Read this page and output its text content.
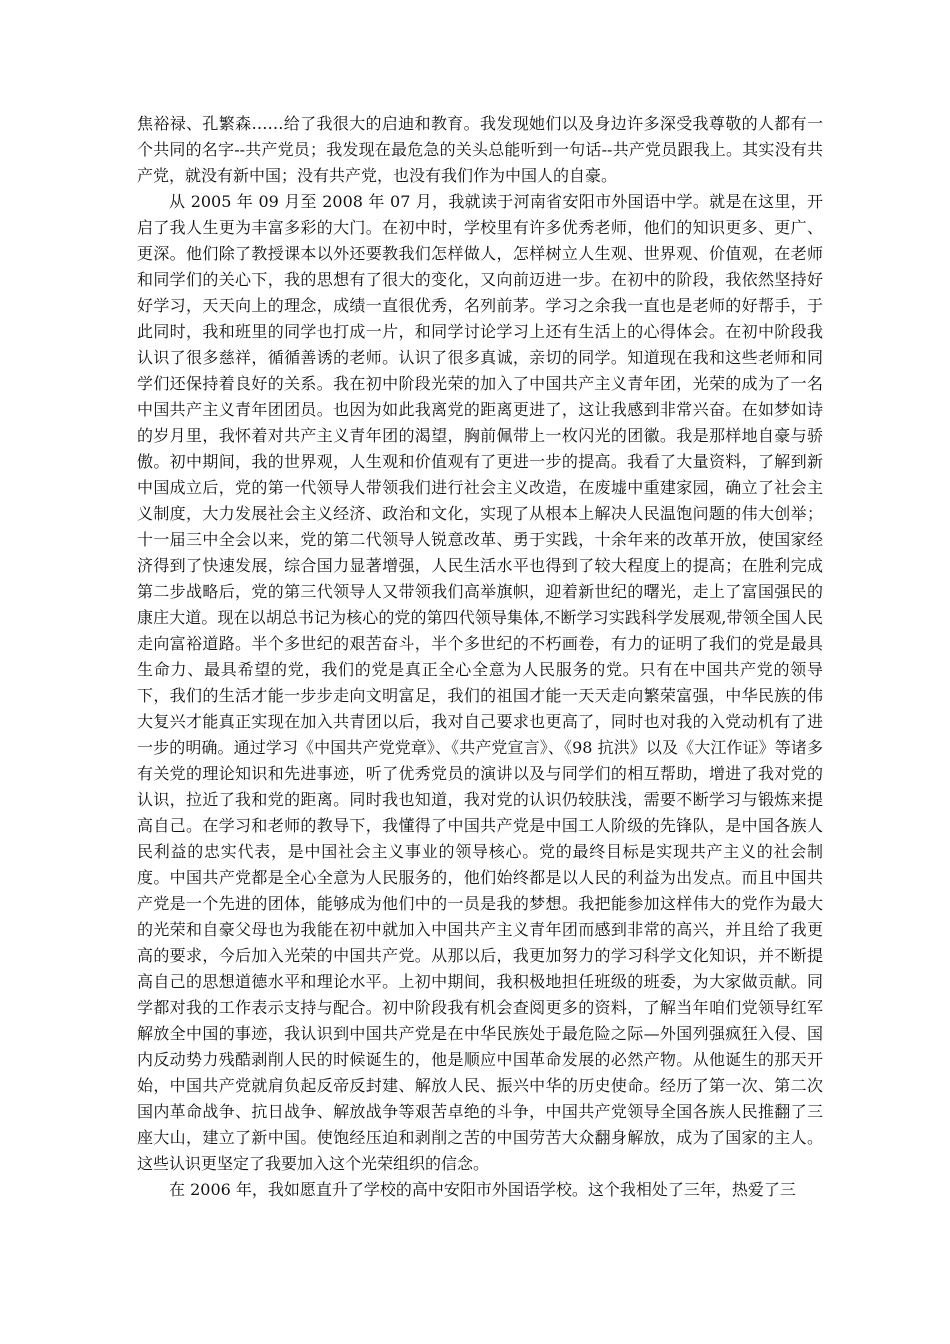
焦裕禄、孔繁森……给了我很大的启迪和教育。我发现她们以及身边许多深受我尊敬的人都有一个共同的名字--共产党员；我发现在最危急的关头总能听到一句话--共产党员跟我上。其实没有共产党，就没有新中国；没有共产党，也没有我们作为中国人的自豪。

从 2005 年 09 月至 2008 年 07 月，我就读于河南省安阳市外国语中学。就是在这里，开启了我人生更为丰富多彩的大门。在初中时，学校里有许多优秀老师，他们的知识更多、更广、更深。他们除了教授课本以外还要教我们怎样做人，怎样树立人生观、世界观、价值观，在老师和同学们的关心下，我的思想有了很大的变化，又向前迈进一步。在初中的阶段，我依然坚持好好学习，天天向上的理念，成绩一直很优秀，名列前茅。学习之余我一直也是老师的好帮手，于此同时，我和班里的同学也打成一片，和同学讨论学习上还有生活上的心得体会。在初中阶段我认识了很多慈祥，循循善诱的老师。认识了很多真诚，亲切的同学。知道现在我和这些老师和同学们还保持着良好的关系。我在初中阶段光荣的加入了中国共产主义青年团，光荣的成为了一名中国共产主义青年团团员。也因为如此我离党的距离更进了，这让我感到非常兴奋。在如梦如诗的岁月里，我怀着对共产主义青年团的渴望，胸前佩带上一枚闪光的团徽。我是那样地自豪与骄傲。初中期间，我的世界观，人生观和价值观有了更进一步的提高。我看了大量资料，了解到新中国成立后，党的第一代领导人带领我们进行社会主义改造，在废墟中重建家园，确立了社会主义制度，大力发展社会主义经济、政治和文化，实现了从根本上解决人民温饱问题的伟大创举；十一届三中全会以来，党的第二代领导人锐意改革、勇于实践，十余年来的改革开放，使国家经济得到了快速发展，综合国力显著增强，人民生活水平也得到了较大程度上的提高；在胜利完成第二步战略后，党的第三代领导人又带领我们高举旗帜，迎着新世纪的曙光，走上了富国强民的康庄大道。现在以胡总书记为核心的党的第四代领导集体,不断学习实践科学发展观,带领全国人民走向富裕道路。半个多世纪的艰苦奋斗，半个多世纪的不朽画卷，有力的证明了我们的党是最具生命力、最具希望的党，我们的党是真正全心全意为人民服务的党。只有在中国共产党的领导下，我们的生活才能一步步走向文明富足，我们的祖国才能一天天走向繁荣富强，中华民族的伟大复兴才能真正实现在加入共青团以后，我对自己要求也更高了，同时也对我的入党动机有了进一步的明确。通过学习《中国共产党党章》、《共产党宣言》、《98 抗洪》以及《大江作证》等诸多有关党的理论知识和先进事迹，听了优秀党员的演讲以及与同学们的相互帮助，增进了我对党的认识，拉近了我和党的距离。同时我也知道，我对党的认识仍较肤浅，需要不断学习与锻炼来提高自己。在学习和老师的教导下，我懂得了中国共产党是中国工人阶级的先锋队，是中国各族人民利益的忠实代表，是中国社会主义事业的领导核心。党的最终目标是实现共产主义的社会制度。中国共产党都是全心全意为人民服务的，他们始终都是以人民的利益为出发点。而且中国共产党是一个先进的团体，能够成为他们中的一员是我的梦想。我把能参加这样伟大的党作为最大的光荣和自豪父母也为我能在初中就加入中国共产主义青年团而感到非常的高兴，并且给了我更高的要求，今后加入光荣的中国共产党。从那以后，我更加努力的学习科学文化知识，并不断提高自己的思想道德水平和理论水平。上初中期间，我积极地担任班级的班委，为大家做贡献。同学都对我的工作表示支持与配合。初中阶段我有机会查阅更多的资料，了解当年咱们党领导红军解放全中国的事迹，我认识到中国共产党是在中华民族处于最危险之际—外国列强疯狂入侵、国内反动势力残酷剥削人民的时候诞生的，他是顺应中国革命发展的必然产物。从他诞生的那天开始，中国共产党就肩负起反帝反封建、解放人民、振兴中华的历史使命。经历了第一次、第二次国内革命战争、抗日战争、解放战争等艰苦卓绝的斗争，中国共产党领导全国各族人民推翻了三座大山，建立了新中国。使饱经压迫和剥削之苦的中国劳苦大众翻身解放，成为了国家的主人。这些认识更坚定了我要加入这个光荣组织的信念。

在 2006 年，我如愿直升了学校的高中安阳市外国语学校。这个我相处了三年，热爱了三
